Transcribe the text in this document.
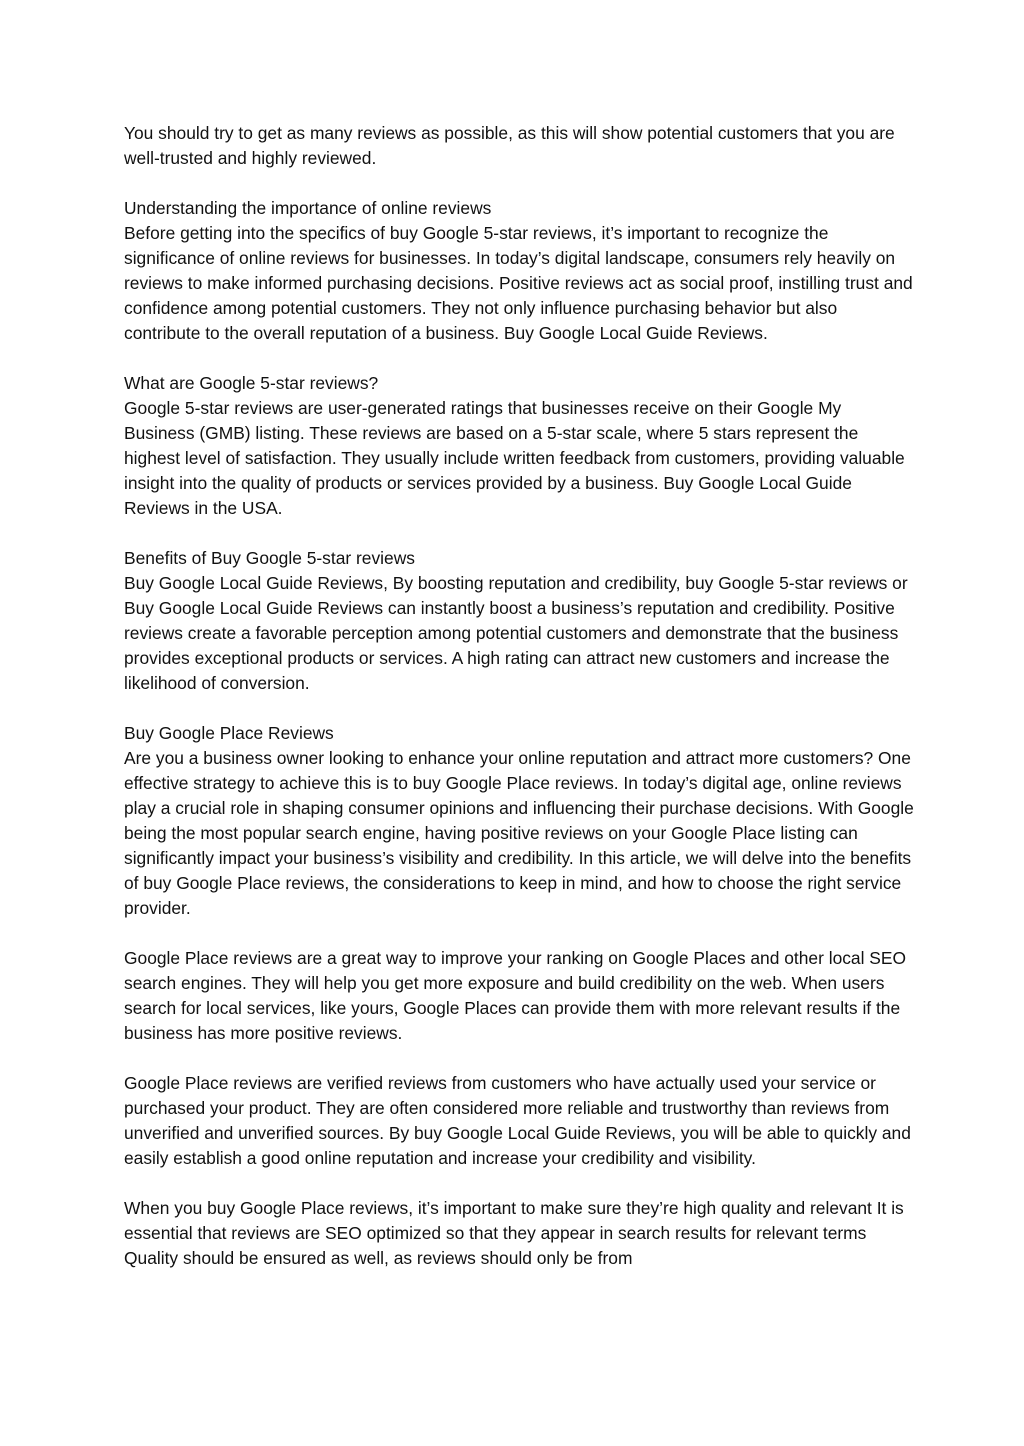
You should try to get as many reviews as possible, as this will show potential customers that you are well-trusted and highly reviewed.

Understanding the importance of online reviews

Before getting into the specifics of buy Google 5-star reviews, it’s important to recognize the significance of online reviews for businesses. In today’s digital landscape, consumers rely heavily on reviews to make informed purchasing decisions. Positive reviews act as social proof, instilling trust and confidence among potential customers. They not only influence purchasing behavior but also contribute to the overall reputation of a business. Buy Google Local Guide Reviews.

What are Google 5-star reviews?

Google 5-star reviews are user-generated ratings that businesses receive on their Google My Business (GMB) listing. These reviews are based on a 5-star scale, where 5 stars represent the highest level of satisfaction. They usually include written feedback from customers, providing valuable insight into the quality of products or services provided by a business. Buy Google Local Guide Reviews in the USA.

Benefits of Buy Google 5-star reviews

Buy Google Local Guide Reviews, By boosting reputation and credibility, buy Google 5-star reviews or Buy Google Local Guide Reviews can instantly boost a business’s reputation and credibility. Positive reviews create a favorable perception among potential customers and demonstrate that the business provides exceptional products or services. A high rating can attract new customers and increase the likelihood of conversion.

Buy Google Place Reviews

Are you a business owner looking to enhance your online reputation and attract more customers? One effective strategy to achieve this is to buy Google Place reviews. In today’s digital age, online reviews play a crucial role in shaping consumer opinions and influencing their purchase decisions. With Google being the most popular search engine, having positive reviews on your Google Place listing can significantly impact your business’s visibility and credibility. In this article, we will delve into the benefits of buy Google Place reviews, the considerations to keep in mind, and how to choose the right service provider.

Google Place reviews are a great way to improve your ranking on Google Places and other local SEO search engines. They will help you get more exposure and build credibility on the web. When users search for local services, like yours, Google Places can provide them with more relevant results if the business has more positive reviews.

Google Place reviews are verified reviews from customers who have actually used your service or purchased your product. They are often considered more reliable and trustworthy than reviews from unverified and unverified sources. By buy Google Local Guide Reviews, you will be able to quickly and easily establish a good online reputation and increase your credibility and visibility.

When you buy Google Place reviews, it’s important to make sure they’re high quality and relevant It is essential that reviews are SEO optimized so that they appear in search results for relevant terms Quality should be ensured as well, as reviews should only be from
